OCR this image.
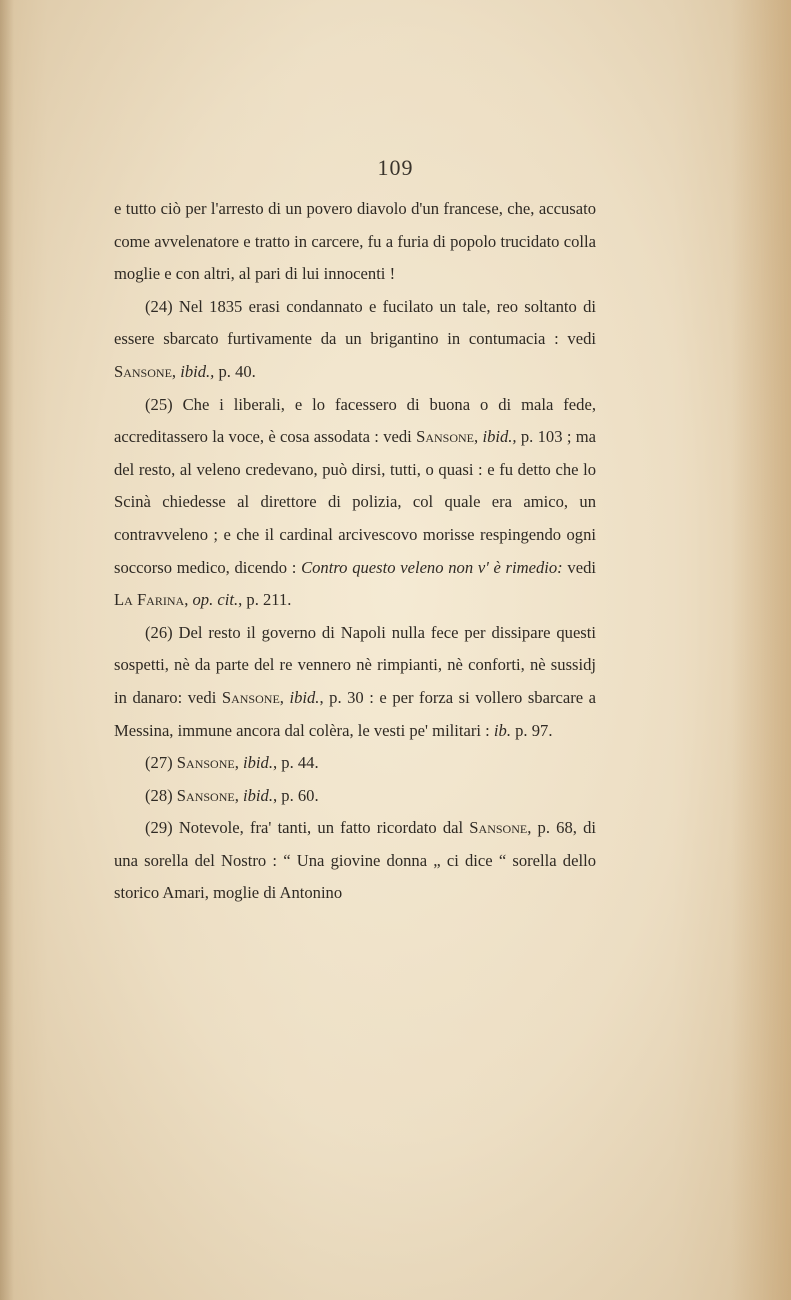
109

e tutto ciò per l'arresto di un povero diavolo d'un francese, che, accusato come avvelenatore e tratto in carcere, fu a furia di popolo trucidato colla moglie e con altri, al pari di lui innocenti !

(24) Nel 1835 erasi condannato e fucilato un tale, reo soltanto di essere sbarcato furtivamente da un brigantino in contumacia : vedi Sansone, ibid., p. 40.

(25) Che i liberali, e lo facessero di buona o di mala fede, accreditassero la voce, è cosa assodata : vedi Sansone, ibid., p. 103 ; ma del resto, al veleno credevano, può dirsi, tutti, o quasi : e fu detto che lo Scinà chiedesse al direttore di polizia, col quale era amico, un contravveleno ; e che il cardinal arcivescovo morisse respingendo ogni soccorso medico, dicendo : Contro questo veleno non v' è rimedio: vedi La Farina, op. cit., p. 211.

(26) Del resto il governo di Napoli nulla fece per dissipare questi sospetti, nè da parte del re vennero nè rimpianti, nè conforti, nè sussidj in danaro: vedi Sansone, ibid., p. 30 : e per forza si vollero sbarcare a Messina, immune ancora dal colèra, le vesti pe' militari : ib. p. 97.

(27) Sansone, ibid., p. 44.

(28) Sansone, ibid., p. 60.

(29) Notevole, fra' tanti, un fatto ricordato dal Sansone, p. 68, di una sorella del Nostro : “ Una giovine donna „ ci dice “ sorella dello storico Amari, moglie di Antonino
